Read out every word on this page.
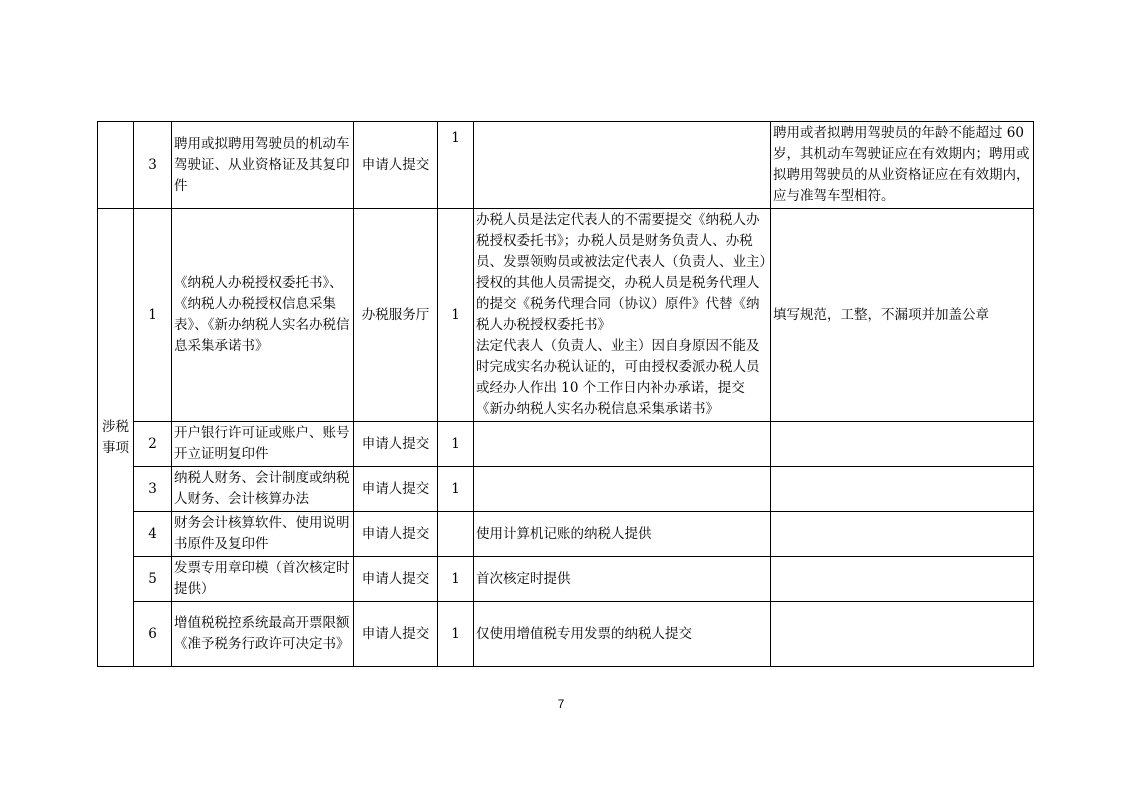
	3	聘用或拟聘用驾驶员的机动车驾驶证、从业资格证及其复印件	申请人提交	1		聘用或者拟聘用驾驶员的年龄不能超过 60 岁，其机动车驾驶证应在有效期内；聘用或拟聘用驾驶员的从业资格证应在有效期内，应与准驾车型相符。
涉税事项	1	《纳税人办税授权委托书》、《纳税人办税授权信息采集表》、《新办纳税人实名办税信息采集承诺书》	办税服务厅	1	办税人员是法定代表人的不需要提交《纳税人办税授权委托书》；办税人员是财务负责人、办税员、发票领购员或被法定代表人（负责人、业主）授权的其他人员需提交，办税人员是税务代理人的提交《税务代理合同（协议）原件》代替《纳税人办税授权委托书》
法定代表人（负责人、业主）因自身原因不能及时完成实名办税认证的，可由授权委派办税人员或经办人作出 10 个工作日内补办承诺，提交《新办纳税人实名办税信息采集承诺书》	填写规范，工整，不漏项并加盖公章
	2	开户银行许可证或账户、账号开立证明复印件	申请人提交	1		
	3	纳税人财务、会计制度或纳税人财务、会计核算办法	申请人提交	1		
	4	财务会计核算软件、使用说明书原件及复印件	申请人提交		使用计算机记账的纳税人提供	
	5	发票专用章印模（首次核定时提供）	申请人提交	1	首次核定时提供	
	6	增值税税控系统最高开票限额《准予税务行政许可决定书》	申请人提交	1	仅使用增值税专用发票的纳税人提交	
7
